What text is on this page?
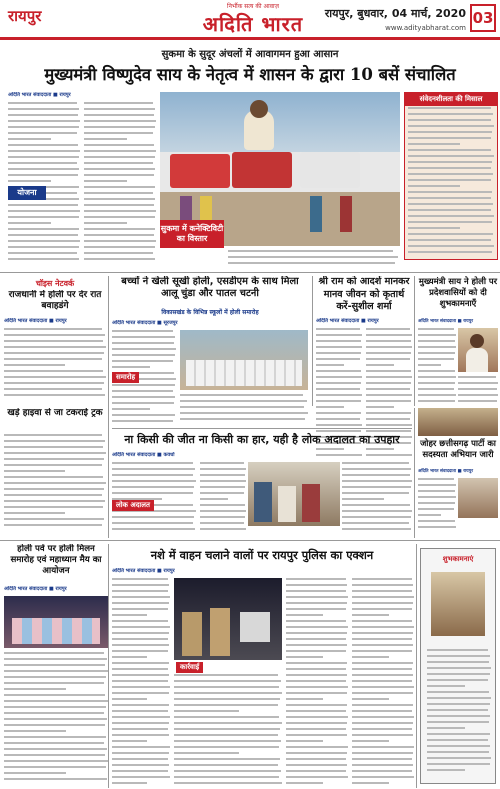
रायपुर
निर्भीक सत्य की आवाज़
अदिति भारत	रायपुर, बुधवार, 04 मार्च, 2020
www.adityabharat.com
03
सुकमा के सुदूर अंचलों में आवागमन हुआ आसान
मुख्यमंत्री विष्णुदेव साय के नेतृत्व में शासन के द्वारा 10 बसें संचालित
अदिति भारत संवाददाता ■ रायपुर
योजना
सुकमा में कनेक्टिविटी का विस्तार
संवेदनशीलता की मिसाल
चॉइस नेटवर्क
राजधानी में होली पर देर रात बवाहडंगे
अदिति भारत संवाददाता ■ रायपुर
खड़े हाइवा से जा टकराई ट्रक
बच्चों ने खेली सूखी होली, एसडीएम के साथ मिला आलू चुंडा और पातल चटनी
विकासखंड के विभिन्न स्कूलों में होली समारोह
अदिति भारत संवाददाता ■ सूरजपुर
समारोह
श्री राम को आदर्श मानकर मानव जीवन को कृतार्थ करें-सुशील शर्मा
अदिति भारत संवाददाता ■ रायपुर
मुख्यमंत्री साय ने होली पर प्रदेशवासियों को दी शुभकामनाएँ
अदिति भारत संवाददाता ■ रायपुर
ना किसी की जीत ना किसी का हार, यही है लोक अदालत का उपहार
अदिति भारत संवाददाता ■ कवर्धा
लोक अदालत
जोहर छत्तीसगढ़ पार्टी का सदस्यता अभियान जारी
अदिति भारत संवाददाता ■ रायपुर
होली पर्व पर होली मिलन समारोह एवं महाध्यान मैय का आयोजन
अदिति भारत संवाददाता ■ रायपुर
नशे में वाहन चलाने वालों पर रायपुर पुलिस का एक्शन
अदिति भारत संवाददाता ■ रायपुर
कार्रवाई
शुभकामनाएं
